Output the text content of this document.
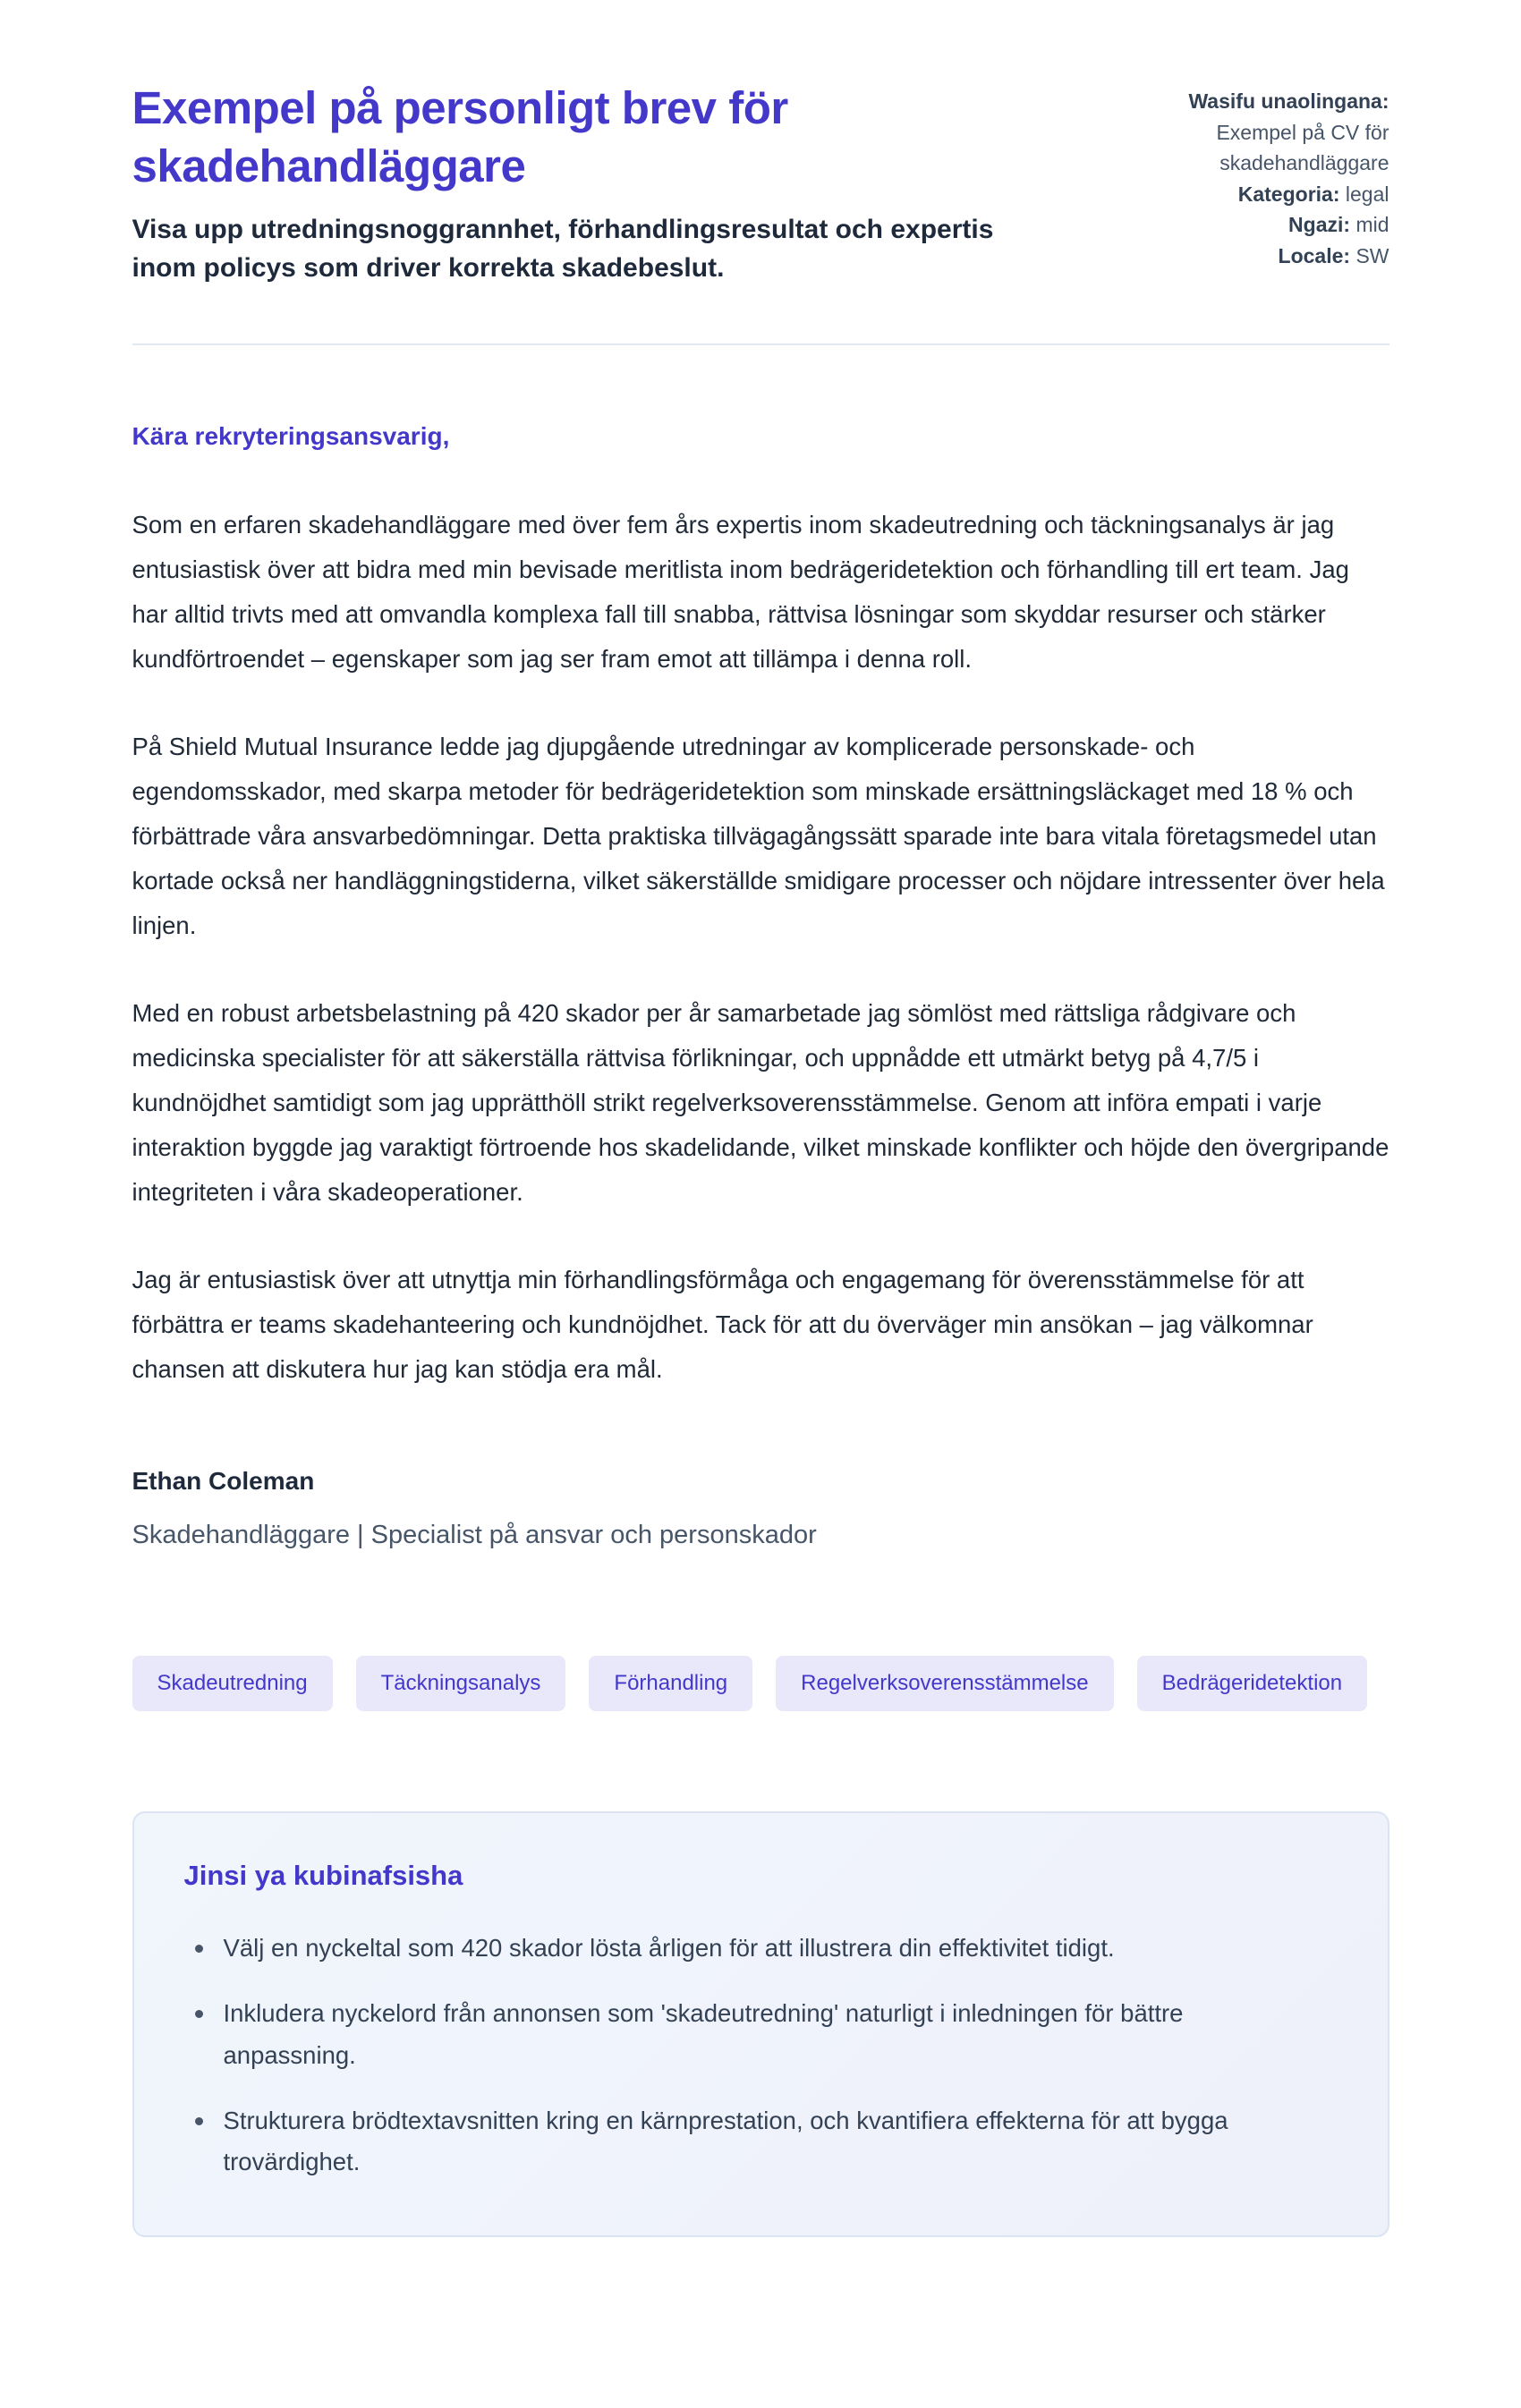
Exempel på personligt brev för skadehandläggare
Visa upp utredningsnoggrannhet, förhandlingsresultat och expertis inom policys som driver korrekta skadebeslut.
Wasifu unaolingana: Exempel på CV för skadehandläggare
Kategoria: legal
Ngazi: mid
Locale: SW
Kära rekryteringsansvarig,

Som en erfaren skadehandläggare med över fem års expertis inom skadeutredning och täckningsanalys är jag entusiastisk över att bidra med min bevisade meritlista inom bedrägeridetektion och förhandling till ert team. Jag har alltid trivts med att omvandla komplexa fall till snabba, rättvisa lösningar som skyddar resurser och stärker kundförtroendet – egenskaper som jag ser fram emot att tillämpa i denna roll.

På Shield Mutual Insurance ledde jag djupgående utredningar av komplicerade personskade- och egendomsskador, med skarpa metoder för bedrägeridetektion som minskade ersättningsläckaget med 18 % och förbättrade våra ansvarbedömningar. Detta praktiska tillvägagångssätt sparade inte bara vitala företagsmedel utan kortade också ner handläggningstiderna, vilket säkerställde smidigare processer och nöjdare intressenter över hela linjen.

Med en robust arbetsbelastning på 420 skador per år samarbetade jag sömlöst med rättsliga rådgivare och medicinska specialister för att säkerställa rättvisa förlikningar, och uppnådde ett utmärkt betyg på 4,7/5 i kundnöjdhet samtidigt som jag upprätthöll strikt regelverksoverensstämmelse. Genom att införa empati i varje interaktion byggde jag varaktigt förtroende hos skadelidande, vilket minskade konflikter och höjde den övergripande integriteten i våra skadeoperationer.

Jag är entusiastisk över att utnyttja min förhandlingsförmåga och engagemang för överensstämmelse för att förbättra er teams skadehanteering och kundnöjdhet. Tack för att du överväger min ansökan – jag välkomnar chansen att diskutera hur jag kan stödja era mål.

Ethan Coleman
Skadehandläggare | Specialist på ansvar och personskador
Skadeutredning	Täckningsanalys	Förhandling	Regelverksoverensstämmelse	Bedrägeridetektion
Jinsi ya kubinafsisha
Välj en nyckeltal som 420 skador lösta årligen för att illustrera din effektivitet tidigt.
Inkludera nyckelord från annonsen som 'skadeutredning' naturligt i inledningen för bättre anpassning.
Strukturera brödtextavsnitten kring en kärnprestation, och kvantifiera effekterna för att bygga trovärdighet.
